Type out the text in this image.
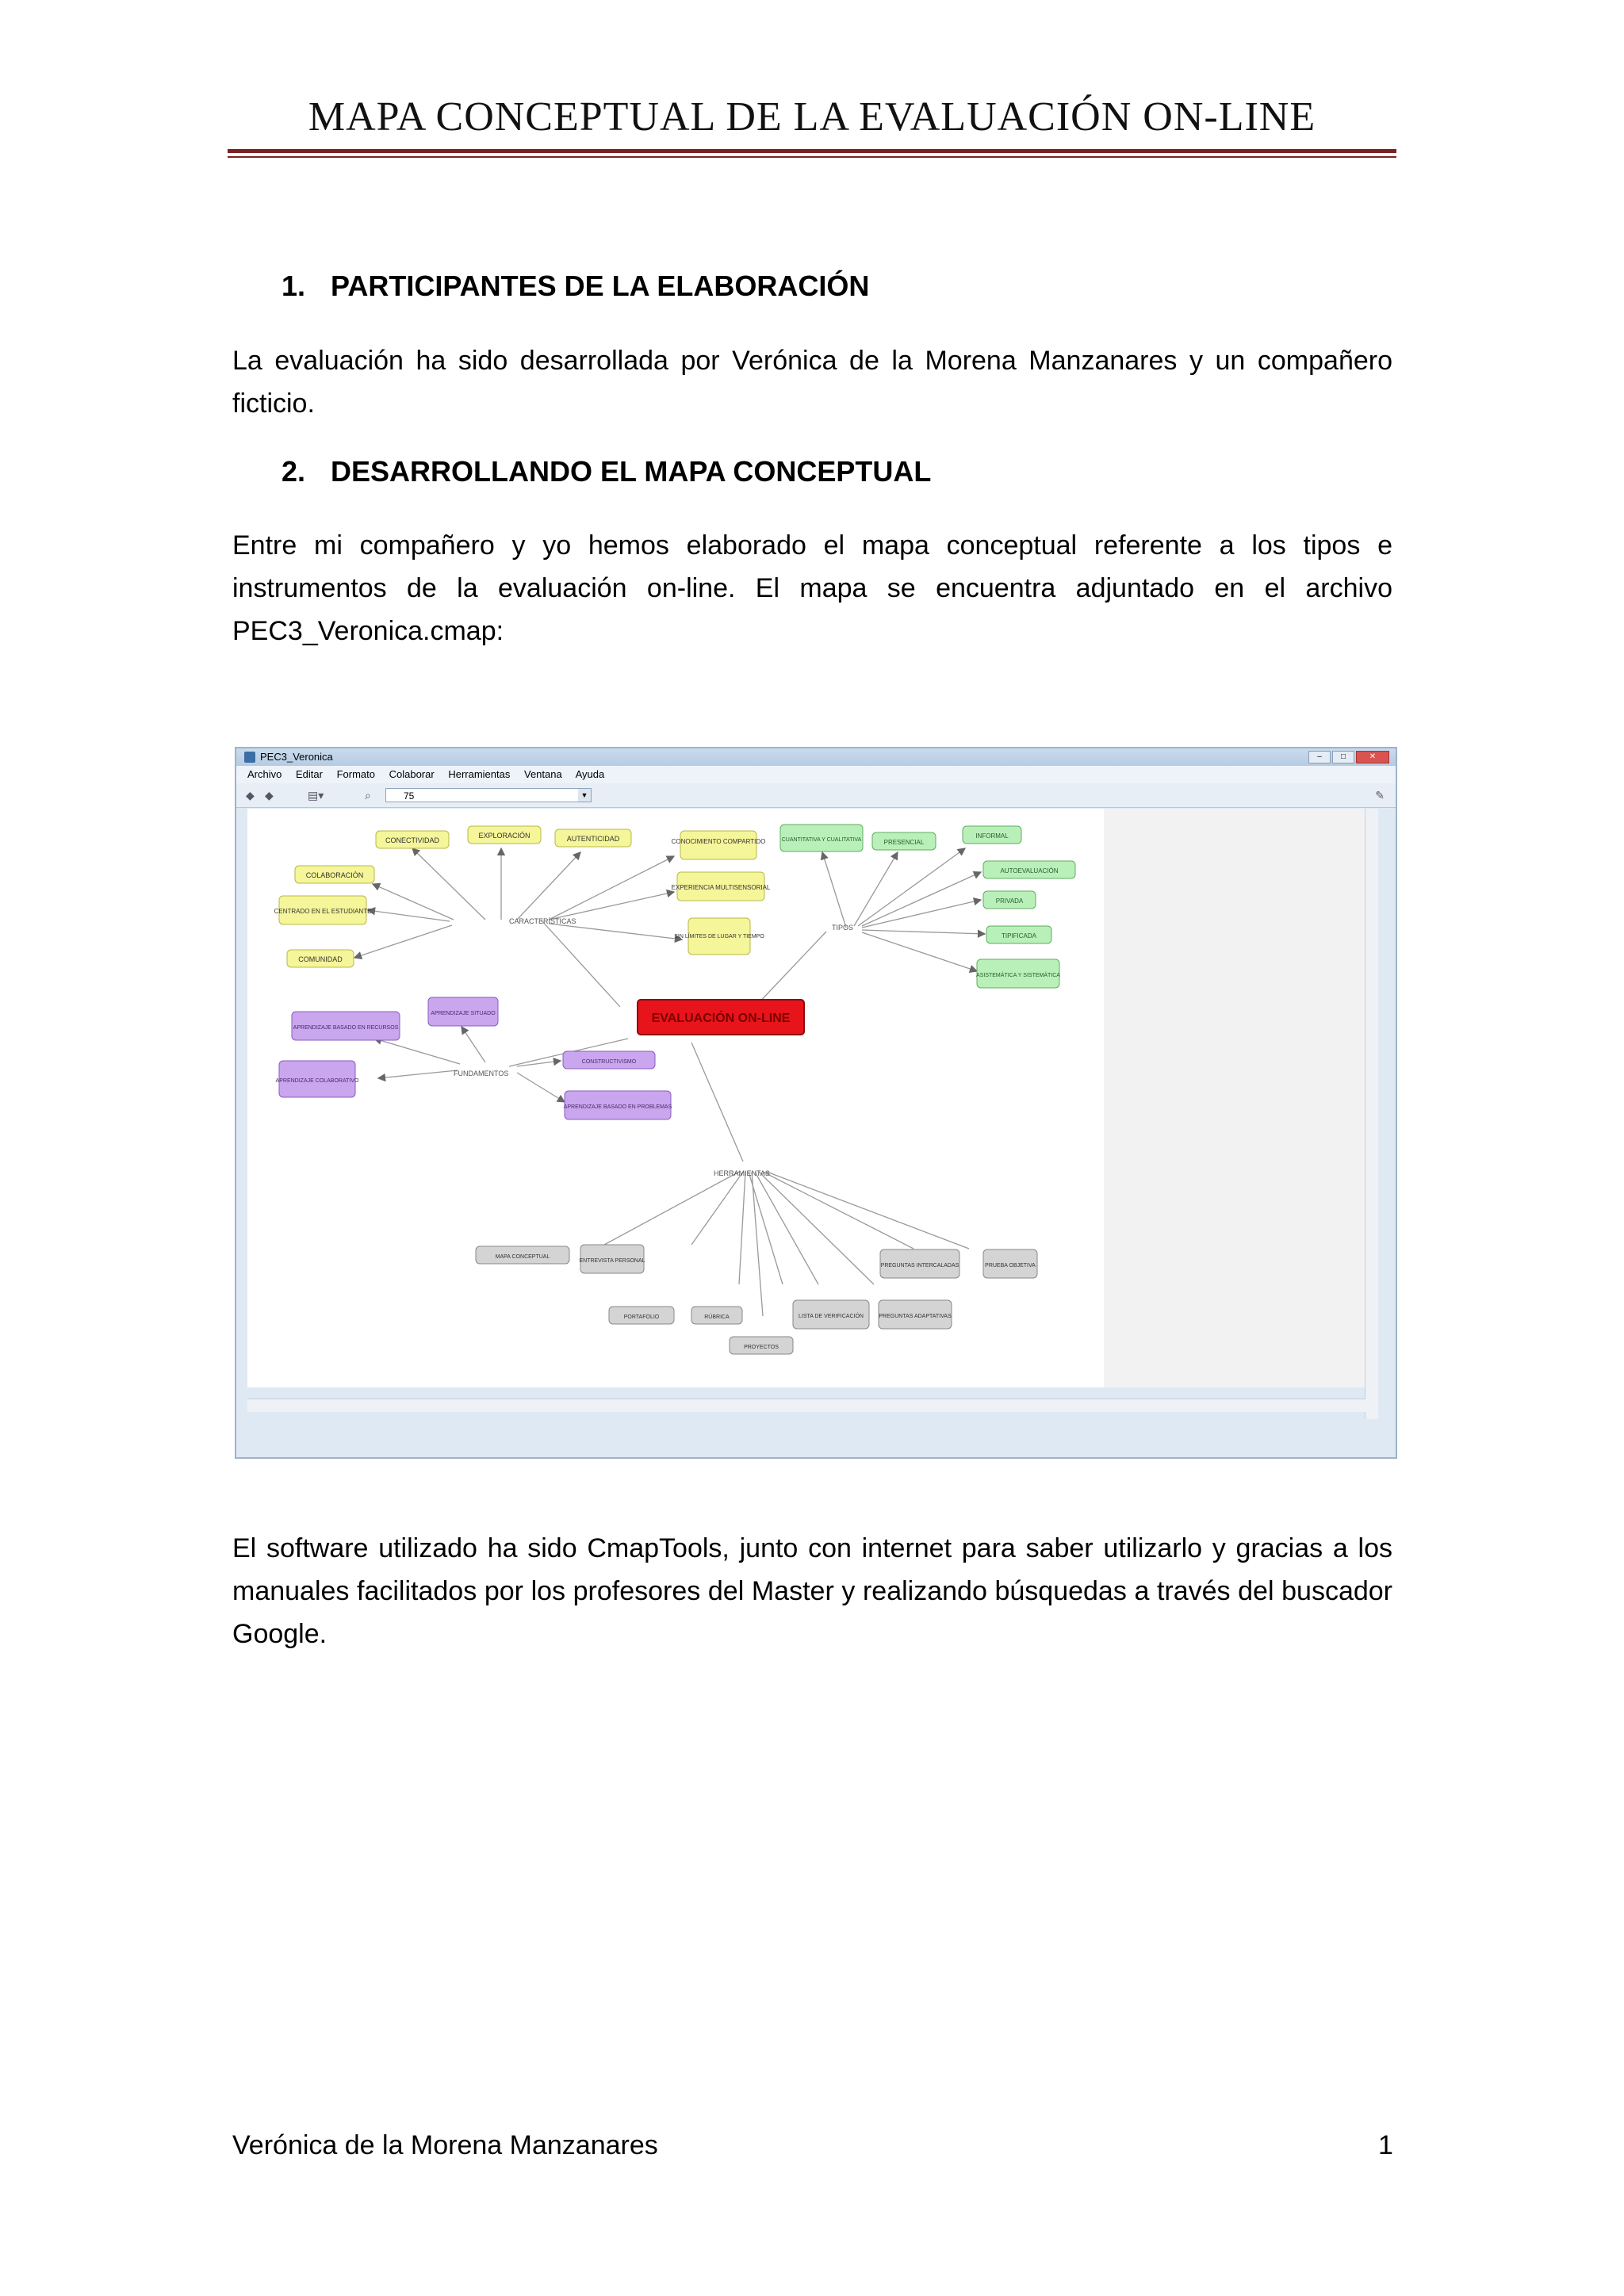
MAPA CONCEPTUAL DE LA EVALUACIÓN ON-LINE
1. PARTICIPANTES DE LA ELABORACIÓN
La evaluación ha sido desarrollada por Verónica de la Morena Manzanares y un compañero ficticio.
2. DESARROLLANDO EL MAPA CONCEPTUAL
Entre mi compañero y yo hemos elaborado el mapa conceptual referente a los tipos e instrumentos de la evaluación on-line. El mapa se encuentra adjuntado en el archivo PEC3_Veronica.cmap:
PEC3_Veronica	–	□	✕
Archivo Editar Formato Colaborar Herramientas Ventana Ayuda
◆ ◆	▤▾	⌕	75	▼	✎
CARACTERÍSTICAS
TIPOS
FUNDAMENTOS
HERRAMIENTAS
EVALUACIÓN ON-LINE
CONECTIVIDAD
EXPLORACIÓN	AUTENTICIDAD	CONOCIMIENTO COMPARTIDO
EXPERIENCIA MULTISENSORIAL
SIN LÍMITES DE LUGAR Y TIEMPO
COLABORACIÓN
CENTRADO EN EL ESTUDIANTE
COMUNIDAD
CUANTITATIVA Y CUALITATIVA	PRESENCIAL
INFORMAL
AUTOEVALUACIÓN
PRIVADA
TIPIFICADA
ASISTEMÁTICA Y SISTEMÁTICA
APRENDIZAJE SITUADO
APRENDIZAJE BASADO EN RECURSOS
APRENDIZAJE COLABORATIVO
CONSTRUCTIVISMO
APRENDIZAJE BASADO EN PROBLEMAS
MAPA CONCEPTUAL
ENTREVISTA PERSONAL
PORTAFOLIO	RÚBRICA
PROYECTOS
LISTA DE VERIFICACIÓN	PREGUNTAS ADAPTATIVAS
PREGUNTAS INTERCALADAS	PRUEBA OBJETIVA
El software utilizado ha sido CmapTools, junto con internet para saber utilizarlo y gracias a los manuales facilitados por los profesores del Master y realizando búsquedas a través del buscador Google.
Verónica de la Morena Manzanares	1
